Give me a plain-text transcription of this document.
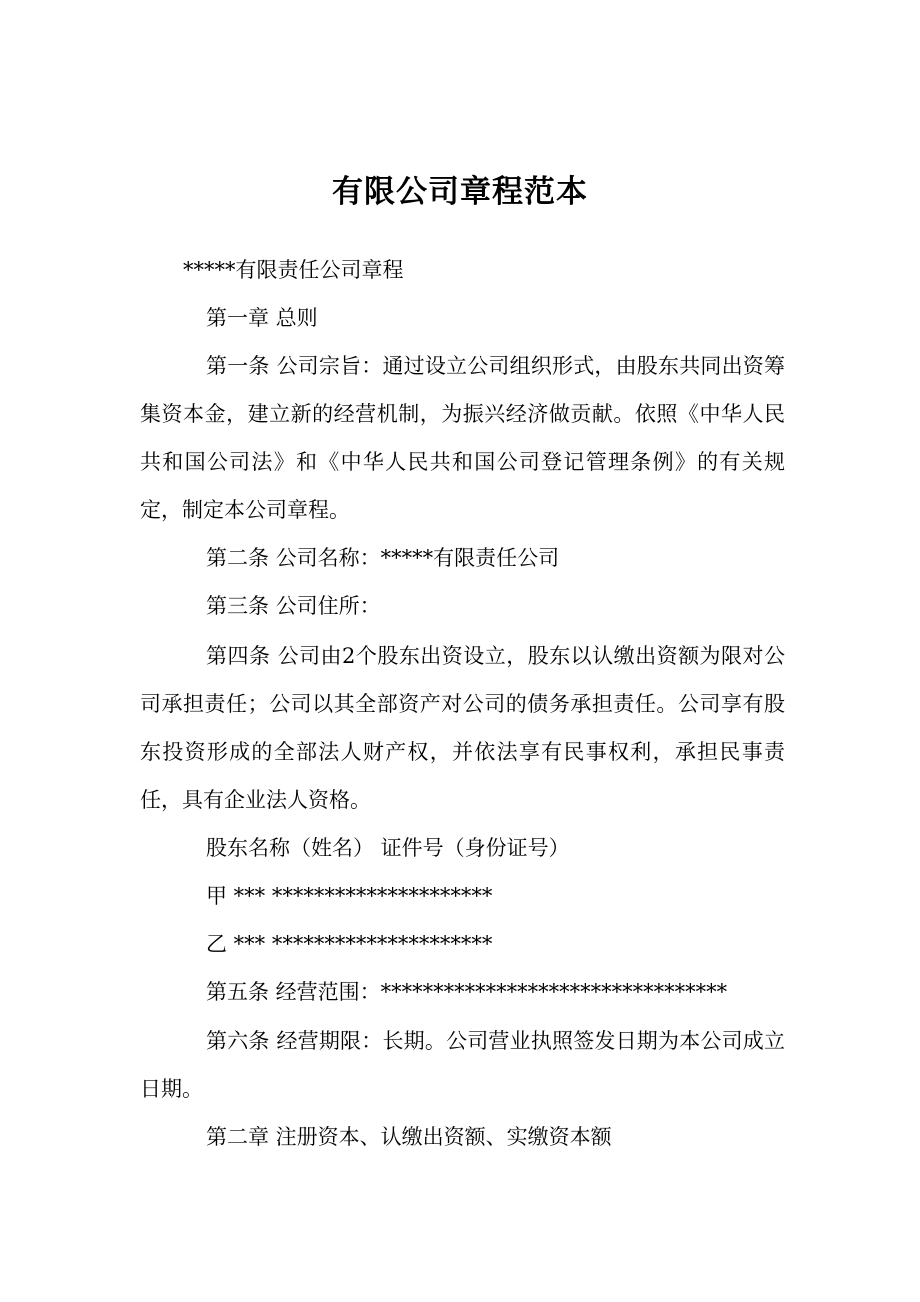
有限公司章程范本
*****有限责任公司章程
第一章 总则
第一条 公司宗旨：通过设立公司组织形式，由股东共同出资筹集资本金，建立新的经营机制，为振兴经济做贡献。依照《中华人民共和国公司法》和《中华人民共和国公司登记管理条例》的有关规定，制定本公司章程。
第二条 公司名称：*****有限责任公司
第三条 公司住所：
第四条 公司由2个股东出资设立，股东以认缴出资额为限对公司承担责任；公司以其全部资产对公司的债务承担责任。公司享有股东投资形成的全部法人财产权，并依法享有民事权利，承担民事责任，具有企业法人资格。
股东名称（姓名） 证件号（身份证号）
甲 *** *********************
乙 *** *********************
第五条 经营范围：*********************************
第六条 经营期限：长期。公司营业执照签发日期为本公司成立日期。
第二章 注册资本、认缴出资额、实缴资本额
